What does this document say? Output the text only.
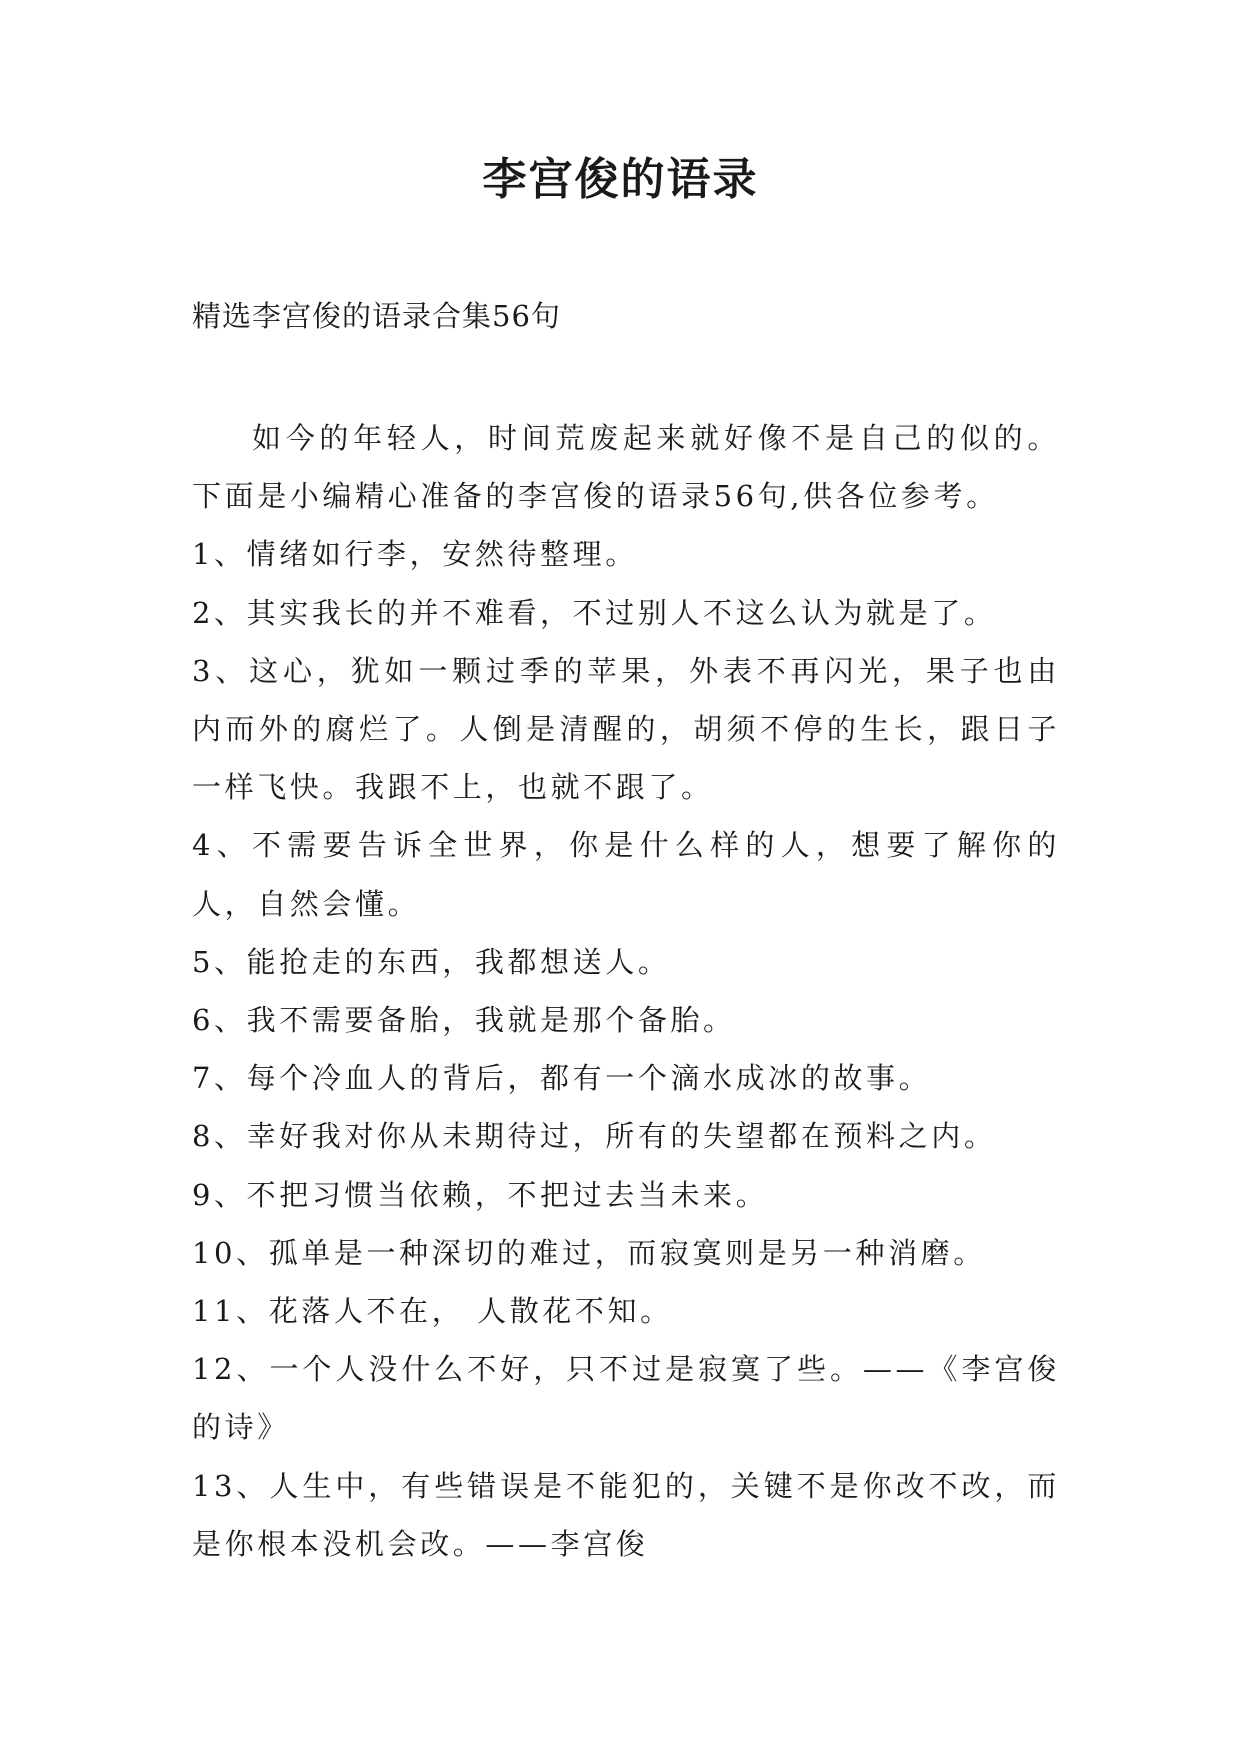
李宫俊的语录

精选李宫俊的语录合集56句

如今的年轻人，时间荒废起来就好像不是自己的似的。下面是小编精心准备的李宫俊的语录56句,供各位参考。

1、情绪如行李，安然待整理。

2、其实我长的并不难看，不过别人不这么认为就是了。

3、这心，犹如一颗过季的苹果，外表不再闪光，果子也由内而外的腐烂了。人倒是清醒的，胡须不停的生长，跟日子一样飞快。我跟不上，也就不跟了。

4、不需要告诉全世界，你是什么样的人，想要了解你的人，自然会懂。

5、能抢走的东西，我都想送人。

6、我不需要备胎，我就是那个备胎。

7、每个冷血人的背后，都有一个滴水成冰的故事。

8、幸好我对你从未期待过，所有的失望都在预料之内。

9、不把习惯当依赖，不把过去当未来。

10、孤单是一种深切的难过，而寂寞则是另一种消磨。

11、花落人不在， 人散花不知。

12、一个人没什么不好，只不过是寂寞了些。——《李宫俊的诗》

13、人生中，有些错误是不能犯的，关键不是你改不改，而是你根本没机会改。——李宫俊
